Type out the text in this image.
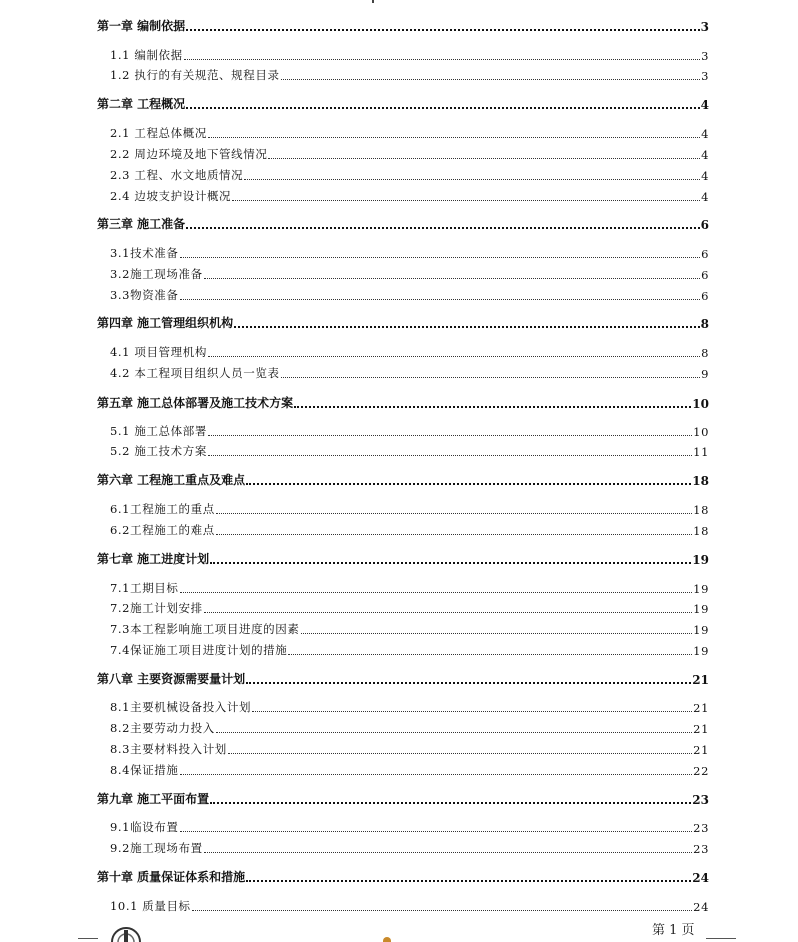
第一章 编制依据	3
1.1 编制依据	3
1.2 执行的有关规范、规程目录	3
第二章 工程概况	4
2.1 工程总体概况	4
2.2 周边环境及地下管线情况	4
2.3 工程、水文地质情况	4
2.4 边坡支护设计概况	4
第三章 施工准备	6
3.1技术准备	6
3.2施工现场准备	6
3.3物资准备	6
第四章 施工管理组织机构	8
4.1 项目管理机构	8
4.2 本工程项目组织人员一览表	9
第五章 施工总体部署及施工技术方案	10
5.1 施工总体部署	10
5.2 施工技术方案	11
第六章 工程施工重点及难点	18
6.1工程施工的重点	18
6.2工程施工的难点	18
第七章 施工进度计划	19
7.1工期目标	19
7.2施工计划安排	19
7.3本工程影响施工项目进度的因素	19
7.4保证施工项目进度计划的措施	19
第八章 主要资源需要量计划	21
8.1主要机械设备投入计划	21
8.2主要劳动力投入	21
8.3主要材料投入计划	21
8.4保证措施	22
第九章 施工平面布置	23
9.1临设布置	23
9.2施工现场布置	23
第十章 质量保证体系和措施	24
10.1 质量目标	24
第 1 页
